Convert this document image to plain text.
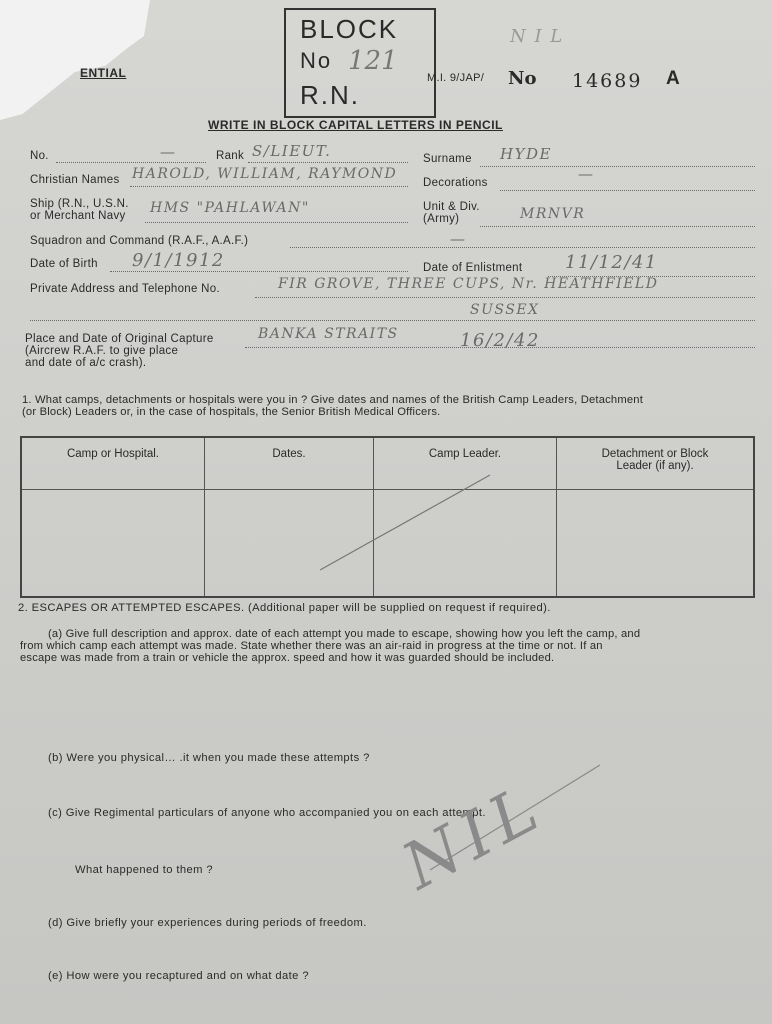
ENTIAL
BLOCK
No 121
R.N.
N I L
M.I. 9/JAP/ No 14689 A
WRITE IN BLOCK CAPITAL LETTERS IN PENCIL
No.	—	Rank S/LIEUT.	Surname HYDE
Christian Names HAROLD, WILLIAM, RAYMOND
Decorations	—
Ship (R.N., U.S.N.
or Merchant Navy HMS "PAHLAWAN"	Unit & Div.
(Army)	MRNVR
Squadron and Command (R.A.F., A.A.F.)	—
Date of Birth 9/1/1912	Date of Enlistment 11/12/41
Private Address and Telephone No.	FIR GROVE, THREE CUPS, Nr. HEATHFIELD
SUSSEX
Place and Date of Original Capture
(Aircrew R.A.F. to give place
and date of a/c crash).
BANKA STRAITS	16/2/42
1. What camps, detachments or hospitals were you in ? Give dates and names of the British Camp Leaders, Detachment
(or Block) Leaders or, in the case of hospitals, the Senior British Medical Officers.
Camp or Hospital.	Dates.	Camp Leader.	Detachment or Block Leader (if any).

2. ESCAPES OR ATTEMPTED ESCAPES. (Additional paper will be supplied on request if required).
(a) Give full description and approx. date of each attempt you made to escape, showing how you left the camp, and
from which camp each attempt was made. State whether there was an air-raid in progress at the time or not. If an
escape was made from a train or vehicle the approx. speed and how it was guarded should be included.
(b) Were you physical… .it when you made these attempts ?
(c) Give Regimental particulars of anyone who accompanied you on each attempt.
What happened to them ?
(d) Give briefly your experiences during periods of freedom.
(e) How were you recaptured and on what date ?
NIL
